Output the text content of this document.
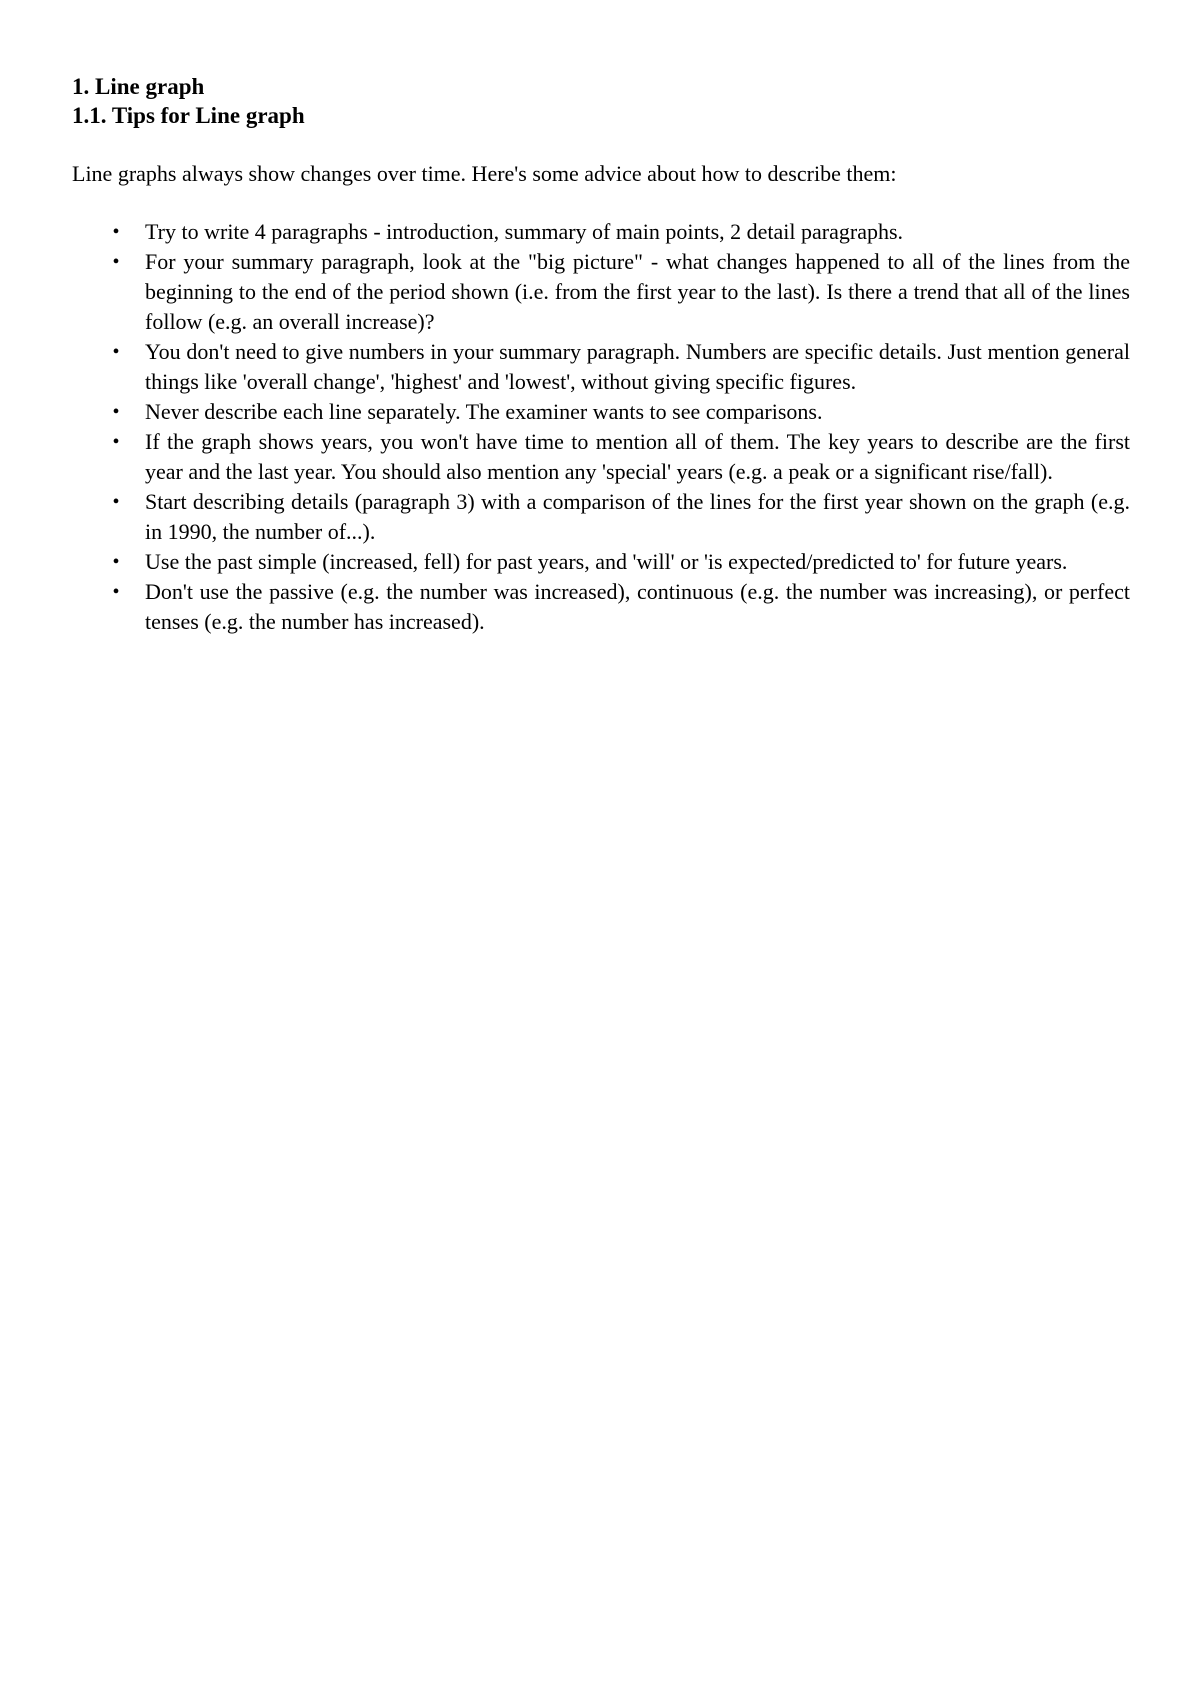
1. Line graph
1.1. Tips for Line graph

Line graphs always show changes over time. Here's some advice about how to describe them:

• Try to write 4 paragraphs - introduction, summary of main points, 2 detail paragraphs.
• For your summary paragraph, look at the "big picture" - what changes happened to all of the lines from the beginning to the end of the period shown (i.e. from the first year to the last). Is there a trend that all of the lines follow (e.g. an overall increase)?
• You don't need to give numbers in your summary paragraph. Numbers are specific details. Just mention general things like 'overall change', 'highest' and 'lowest', without giving specific figures.
• Never describe each line separately. The examiner wants to see comparisons.
• If the graph shows years, you won't have time to mention all of them. The key years to describe are the first year and the last year. You should also mention any 'special' years (e.g. a peak or a significant rise/fall).
• Start describing details (paragraph 3) with a comparison of the lines for the first year shown on the graph (e.g. in 1990, the number of...).
• Use the past simple (increased, fell) for past years, and 'will' or 'is expected/predicted to' for future years.
• Don't use the passive (e.g. the number was increased), continuous (e.g. the number was increasing), or perfect tenses (e.g. the number has increased).
